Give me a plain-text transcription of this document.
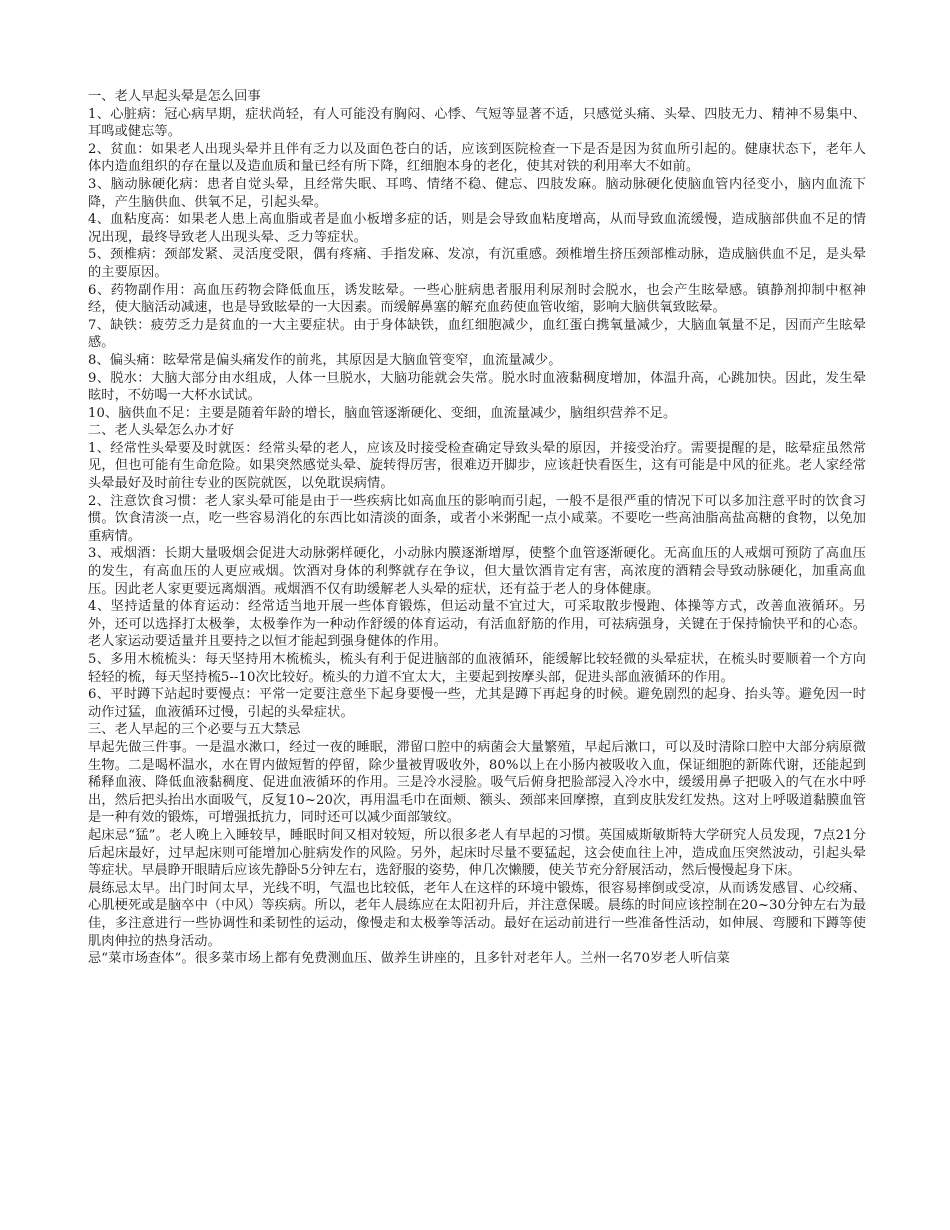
一、老人早起头晕是怎么回事

1、心脏病：冠心病早期，症状尚轻，有人可能没有胸闷、心悸、气短等显著不适，只感觉头痛、头晕、四肢无力、精神不易集中、耳鸣或健忘等。

2、贫血：如果老人出现头晕并且伴有乏力以及面色苍白的话，应该到医院检查一下是否是因为贫血所引起的。健康状态下，老年人体内造血组织的存在量以及造血质和量已经有所下降，红细胞本身的老化，使其对铁的利用率大不如前。

3、脑动脉硬化病：患者自觉头晕，且经常失眠、耳鸣、情绪不稳、健忘、四肢发麻。脑动脉硬化使脑血管内径变小，脑内血流下降，产生脑供血、供氧不足，引起头晕。

4、血粘度高：如果老人患上高血脂或者是血小板增多症的话，则是会导致血粘度增高，从而导致血流缓慢，造成脑部供血不足的情况出现，最终导致老人出现头晕、乏力等症状。

5、颈椎病：颈部发紧、灵活度受限，偶有疼痛、手指发麻、发凉，有沉重感。颈椎增生挤压颈部椎动脉，造成脑供血不足，是头晕的主要原因。

6、药物副作用：高血压药物会降低血压，诱发眩晕。一些心脏病患者服用利尿剂时会脱水，也会产生眩晕感。镇静剂抑制中枢神经，使大脑活动减速，也是导致眩晕的一大因素。而缓解鼻塞的解充血药使血管收缩，影响大脑供氧致眩晕。

7、缺铁：疲劳乏力是贫血的一大主要症状。由于身体缺铁，血红细胞减少，血红蛋白携氧量减少，大脑血氧量不足，因而产生眩晕感。

8、偏头痛：眩晕常是偏头痛发作的前兆，其原因是大脑血管变窄，血流量减少。

9、脱水：大脑大部分由水组成，人体一旦脱水，大脑功能就会失常。脱水时血液黏稠度增加，体温升高，心跳加快。因此，发生晕眩时，不妨喝一大杯水试试。

10、脑供血不足：主要是随着年龄的增长，脑血管逐渐硬化、变细，血流量减少，脑组织营养不足。

二、老人头晕怎么办才好

1、经常性头晕要及时就医：经常头晕的老人，应该及时接受检查确定导致头晕的原因，并接受治疗。需要提醒的是，眩晕症虽然常见，但也可能有生命危险。如果突然感觉头晕、旋转得厉害，很难迈开脚步，应该赶快看医生，这有可能是中风的征兆。老人家经常头晕最好及时前往专业的医院就医，以免耽误病情。

2、注意饮食习惯：老人家头晕可能是由于一些疾病比如高血压的影响而引起，一般不是很严重的情况下可以多加注意平时的饮食习惯。饮食清淡一点，吃一些容易消化的东西比如清淡的面条，或者小米粥配一点小咸菜。不要吃一些高油脂高盐高糖的食物，以免加重病情。

3、戒烟酒：长期大量吸烟会促进大动脉粥样硬化，小动脉内膜逐渐增厚，使整个血管逐渐硬化。无高血压的人戒烟可预防了高血压的发生，有高血压的人更应戒烟。饮酒对身体的利弊就存在争议，但大量饮酒肯定有害，高浓度的酒精会导致动脉硬化，加重高血压。因此老人家更要远离烟酒。戒烟酒不仅有助缓解老人头晕的症状，还有益于老人的身体健康。

4、坚持适量的体育运动：经常适当地开展一些体育锻炼，但运动量不宜过大，可采取散步慢跑、体操等方式，改善血液循环。另外，还可以选择打太极拳，太极拳作为一种动作舒缓的体育运动，有活血舒筋的作用，可祛病强身，关键在于保持愉快平和的心态。老人家运动要适量并且要持之以恒才能起到强身健体的作用。

5、多用木梳梳头：每天坚持用木梳梳头，梳头有利于促进脑部的血液循环，能缓解比较轻微的头晕症状，在梳头时要顺着一个方向轻轻的梳，每天坚持梳5--10次比较好。梳头的力道不宜太大，主要起到按摩头部，促进头部血液循环的作用。

6、平时蹲下站起时要慢点：平常一定要注意坐下起身要慢一些，尤其是蹲下再起身的时候。避免剧烈的起身、抬头等。避免因一时动作过猛，血液循环过慢，引起的头晕症状。

三、老人早起的三个必要与五大禁忌

早起先做三件事。一是温水漱口，经过一夜的睡眠，滞留口腔中的病菌会大量繁殖，早起后漱口，可以及时清除口腔中大部分病原微生物。二是喝杯温水，水在胃内做短暂的停留，除少量被胃吸收外，80%以上在小肠内被吸收入血，保证细胞的新陈代谢，还能起到稀释血液、降低血液黏稠度、促进血液循环的作用。三是冷水浸脸。吸气后俯身把脸部浸入冷水中，缓缓用鼻子把吸入的气在水中呼出，然后把头抬出水面吸气，反复10~20次，再用温毛巾在面颊、额头、颈部来回摩擦，直到皮肤发红发热。这对上呼吸道黏膜血管是一种有效的锻炼，可增强抵抗力，同时还可以减少面部皱纹。

起床忌“猛”。老人晚上入睡较早，睡眠时间又相对较短，所以很多老人有早起的习惯。英国威斯敏斯特大学研究人员发现，7点21分后起床最好，过早起床则可能增加心脏病发作的风险。另外，起床时尽量不要猛起，这会使血往上冲，造成血压突然波动，引起头晕等症状。早晨睁开眼睛后应该先静卧5分钟左右，选舒服的姿势，伸几次懒腰，使关节充分舒展活动，然后慢慢起身下床。

晨练忌太早。出门时间太早，光线不明，气温也比较低，老年人在这样的环境中锻炼，很容易摔倒或受凉，从而诱发感冒、心绞痛、心肌梗死或是脑卒中（中风）等疾病。所以，老年人晨练应在太阳初升后，并注意保暖。晨练的时间应该控制在20~30分钟左右为最佳，多注意进行一些协调性和柔韧性的运动，像慢走和太极拳等活动。最好在运动前进行一些准备性活动，如伸展、弯腰和下蹲等使肌肉伸拉的热身活动。

忌“菜市场查体”。很多菜市场上都有免费测血压、做养生讲座的，且多针对老年人。兰州一名70岁老人听信菜
